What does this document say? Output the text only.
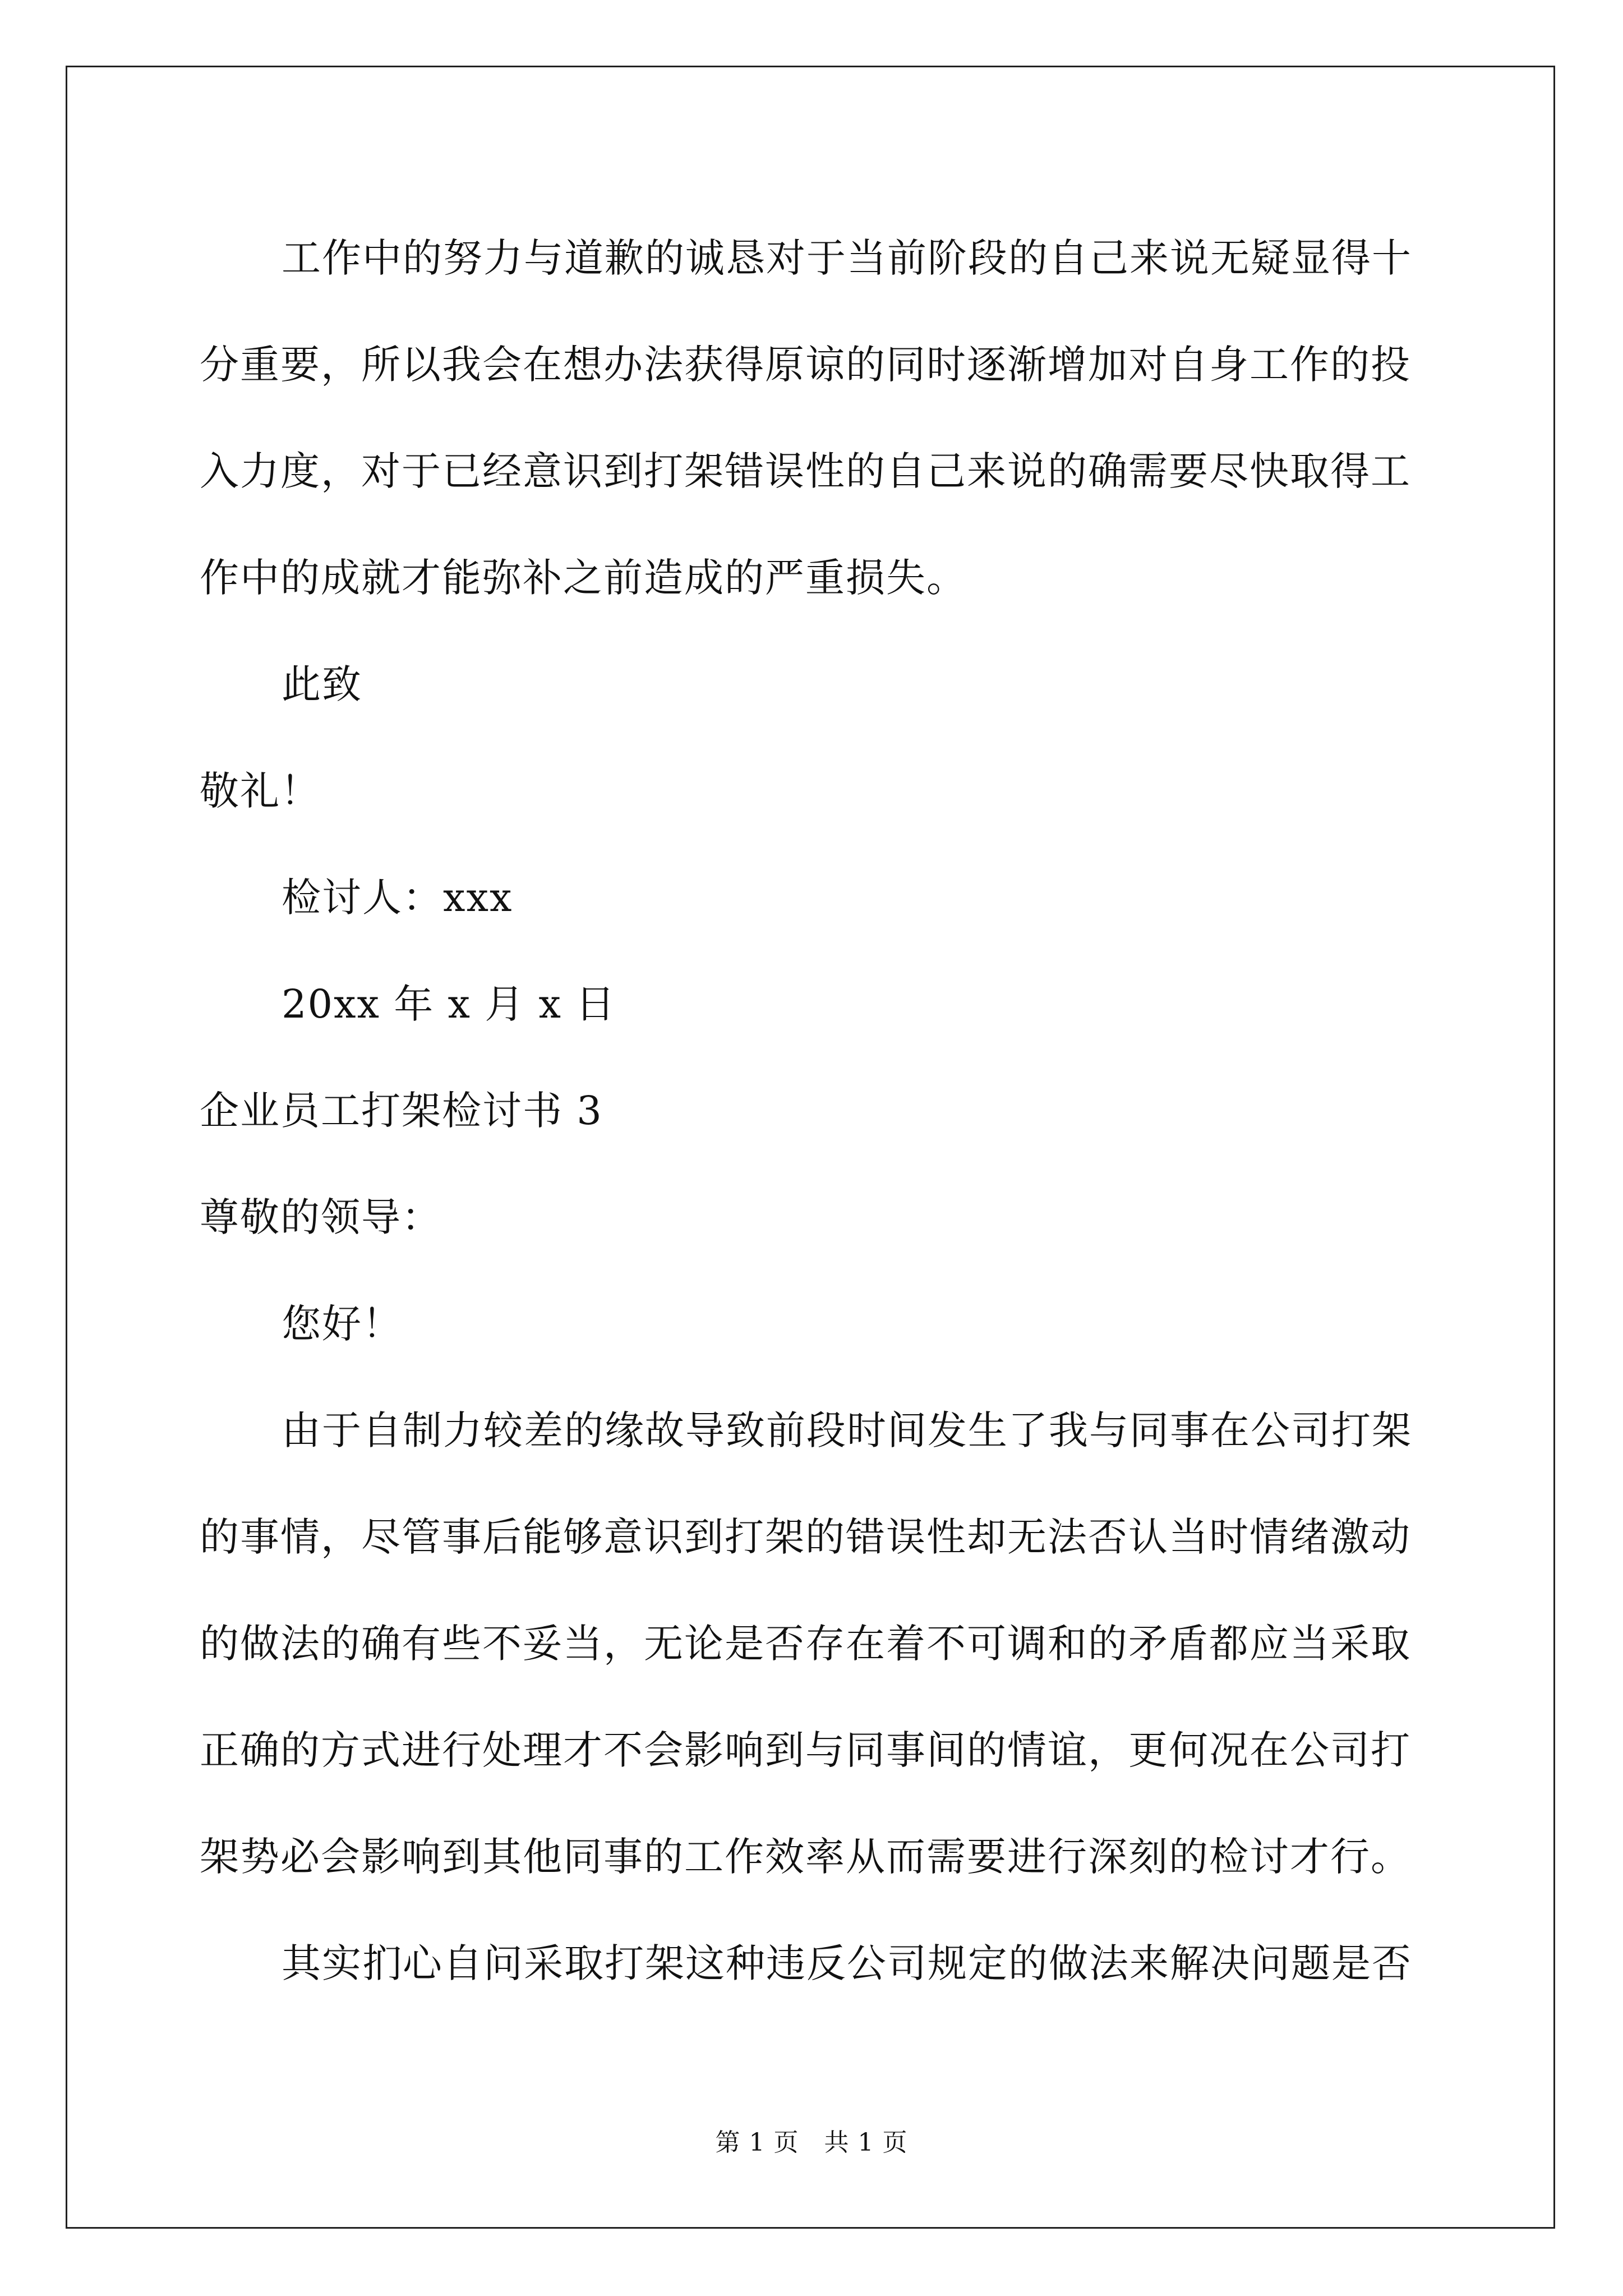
工作中的努力与道歉的诚恳对于当前阶段的自己来说无疑显得十
分重要，所以我会在想办法获得原谅的同时逐渐增加对自身工作的投
入力度，对于已经意识到打架错误性的自己来说的确需要尽快取得工
作中的成就才能弥补之前造成的严重损失。
此致
敬礼！
检讨人：xxx
20xx 年 x 月 x 日
企业员工打架检讨书 3
尊敬的领导：
您好！
由于自制力较差的缘故导致前段时间发生了我与同事在公司打架
的事情，尽管事后能够意识到打架的错误性却无法否认当时情绪激动
的做法的确有些不妥当，无论是否存在着不可调和的矛盾都应当采取
正确的方式进行处理才不会影响到与同事间的情谊，更何况在公司打
架势必会影响到其他同事的工作效率从而需要进行深刻的检讨才行。
其实扪心自问采取打架这种违反公司规定的做法来解决问题是否
第 1 页　共 1 页
